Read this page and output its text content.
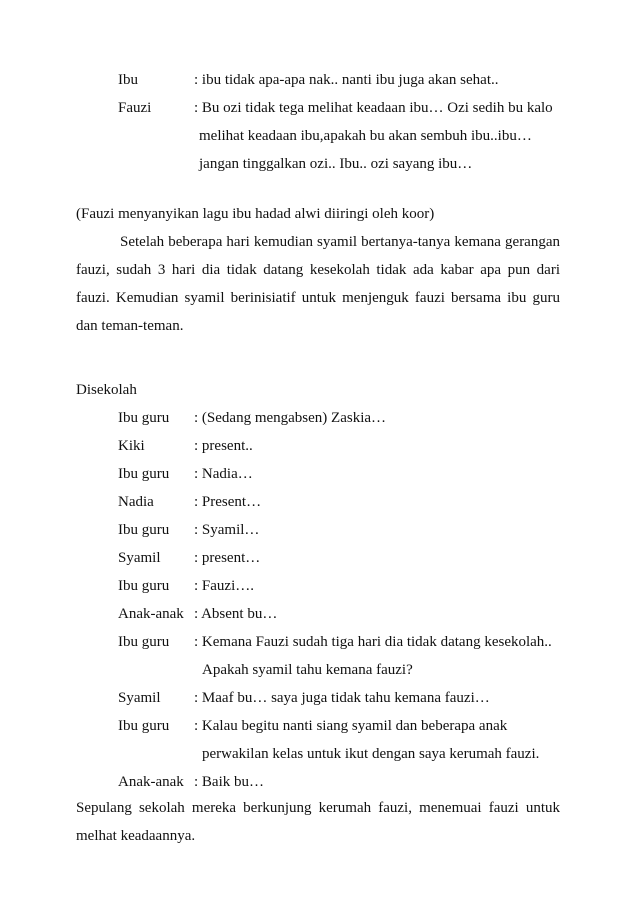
Ibu	: ibu tidak apa-apa nak.. nanti ibu juga akan sehat..
Fauzi	: Bu ozi tidak tega melihat keadaan ibu… Ozi sedih bu kalo
melihat keadaan ibu,apakah bu akan sembuh ibu..ibu…
jangan tinggalkan ozi.. Ibu.. ozi sayang ibu…
(Fauzi menyanyikan lagu ibu hadad alwi diiringi oleh koor)
Setelah beberapa hari kemudian syamil bertanya-tanya kemana gerangan fauzi, sudah 3 hari dia tidak datang kesekolah tidak ada kabar apa pun dari fauzi. Kemudian syamil berinisiatif untuk menjenguk fauzi bersama ibu guru dan teman-teman.
Disekolah
Ibu guru	: (Sedang mengabsen) Zaskia…
Kiki	: present..
Ibu guru	: Nadia…
Nadia	: Present…
Ibu guru	: Syamil…
Syamil	: present…
Ibu guru	: Fauzi….
Anak-anak : Absent bu…
Ibu guru	: Kemana Fauzi sudah tiga hari dia tidak datang kesekolah..
Apakah syamil tahu kemana fauzi?
Syamil	: Maaf bu… saya juga tidak tahu kemana fauzi…
Ibu guru	: Kalau begitu nanti siang syamil dan beberapa anak
perwakilan kelas untuk ikut dengan saya kerumah fauzi.
Anak-anak : Baik bu…
Sepulang sekolah mereka berkunjung kerumah fauzi, menemuai fauzi untuk melhat keadaannya.
